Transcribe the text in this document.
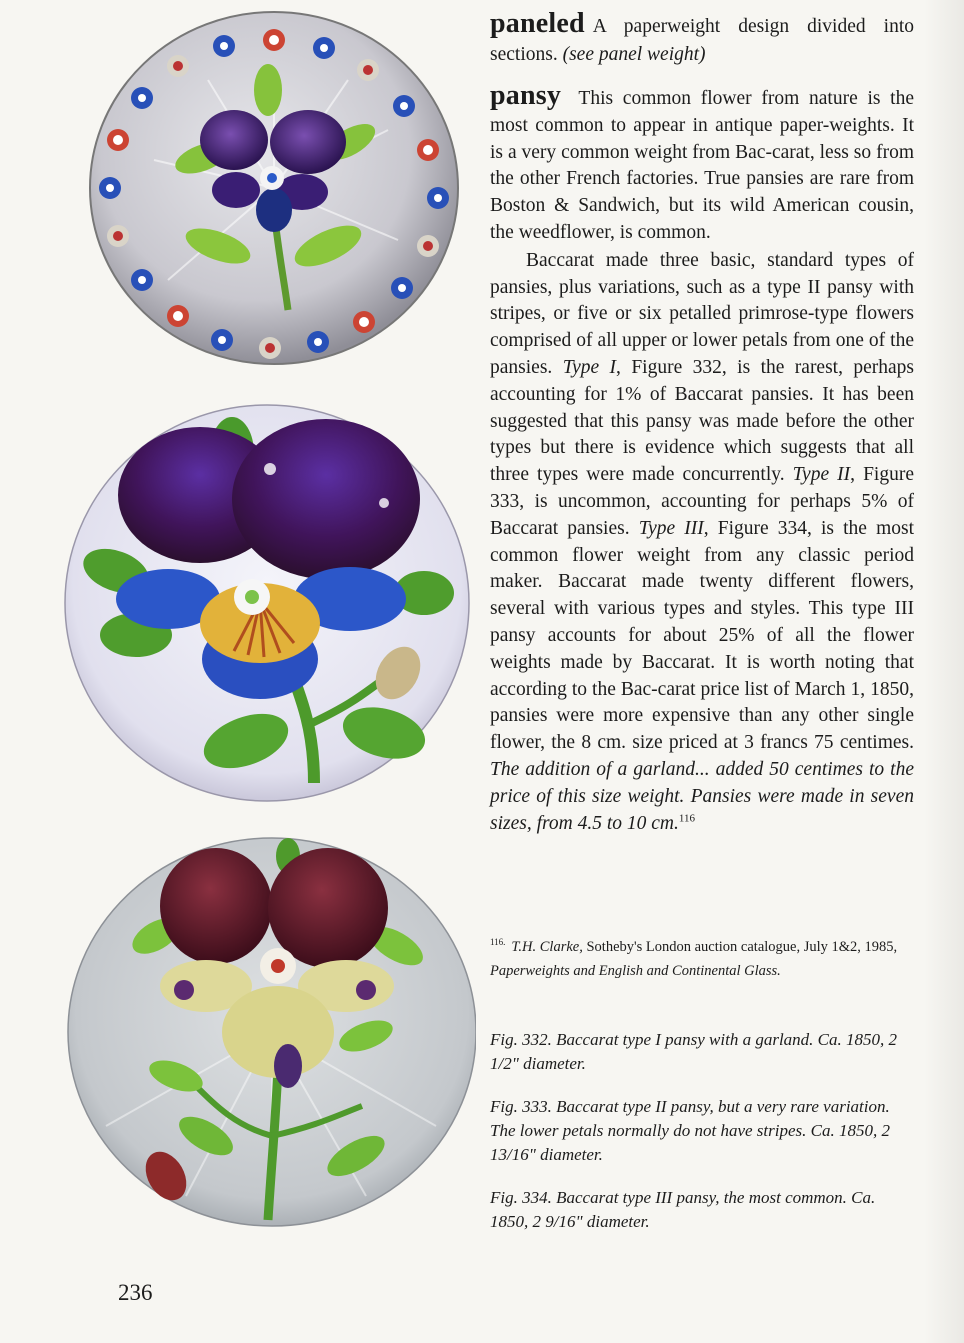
paneled A paperweight design divided into sections. (see panel weight)

pansy This common flower from nature is the most common to appear in antique paper-weights. It is a very common weight from Bac-carat, less so from the other French factories. True pansies are rare from Boston & Sandwich, but its wild American cousin, the weedflower, is common.

Baccarat made three basic, standard types of pansies, plus variations, such as a type II pansy with stripes, or five or six petalled primrose-type flowers comprised of all upper or lower petals from one of the pansies. Type I, Figure 332, is the rarest, perhaps accounting for 1% of Baccarat pansies. It has been suggested that this pansy was made before the other types but there is evidence which suggests that all three types were made concurrently. Type II, Figure 333, is uncommon, accounting for perhaps 5% of Baccarat pansies. Type III, Figure 334, is the most common flower weight from any classic period maker. Baccarat made twenty different flowers, several with various types and styles. This type III pansy accounts for about 25% of all the flower weights made by Baccarat. It is worth noting that according to the Bac-carat price list of March 1, 1850, pansies were more expensive than any other single flower, the 8 cm. size priced at 3 francs 75 centimes. The addition of a garland... added 50 centimes to the price of this size weight. Pansies were made in seven sizes, from 4.5 to 10 cm.$^{116}$

$^{116.}$ T.H. Clarke, Sotheby's London auction catalogue, July 1&2, 1985, Paperweights and English and Continental Glass.

Fig. 332. Baccarat type I pansy with a garland. Ca. 1850, 2 1/2" diameter.

Fig. 333. Baccarat type II pansy, but a very rare variation. The lower petals normally do not have stripes. Ca. 1850, 2 13/16" diameter.

Fig. 334. Baccarat type III pansy, the most common. Ca. 1850, 2 9/16" diameter.

236
